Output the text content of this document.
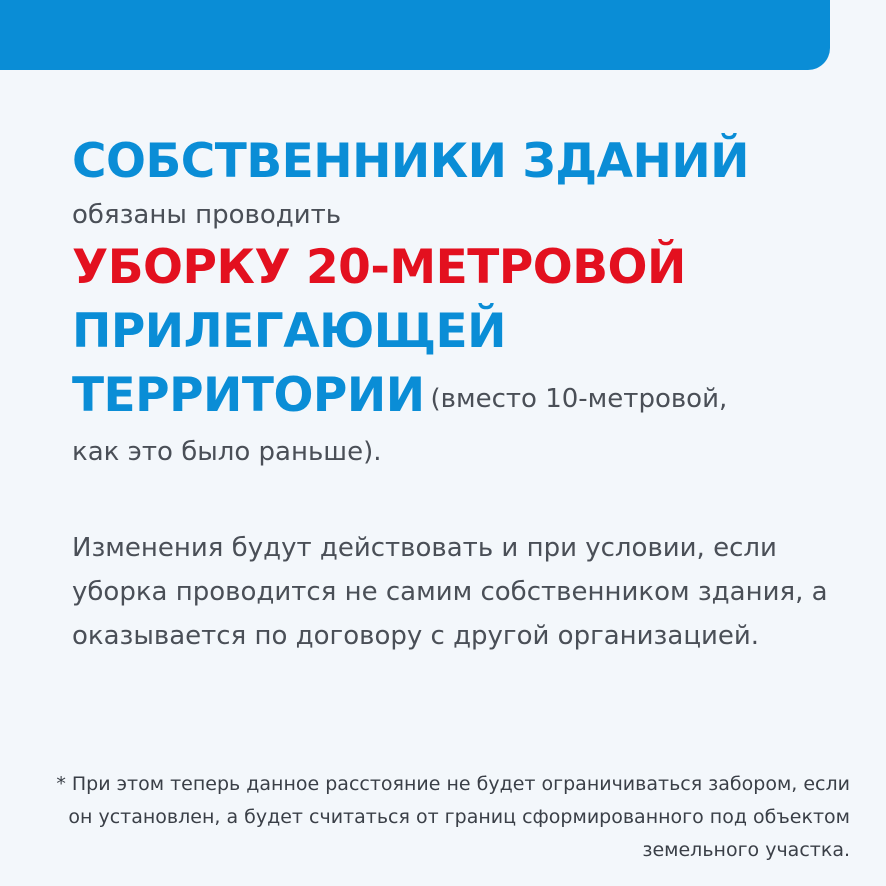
СОБСТВЕННИКИ ЗДАНИЙ

обязаны проводить

УБОРКУ 20-МЕТРОВОЙ
ПРИЛЕГАЮЩЕЙ
ТЕРРИТОРИИ (вместо 10-метровой,

как это было раньше).

Изменения будут действовать и при условии, если уборка проводится не самим собственником здания, а оказывается по договору с другой организацией.

* При этом теперь данное расстояние не будет ограничиваться забором, если он установлен, а будет считаться от границ сформированного под объектом земельного участка.
